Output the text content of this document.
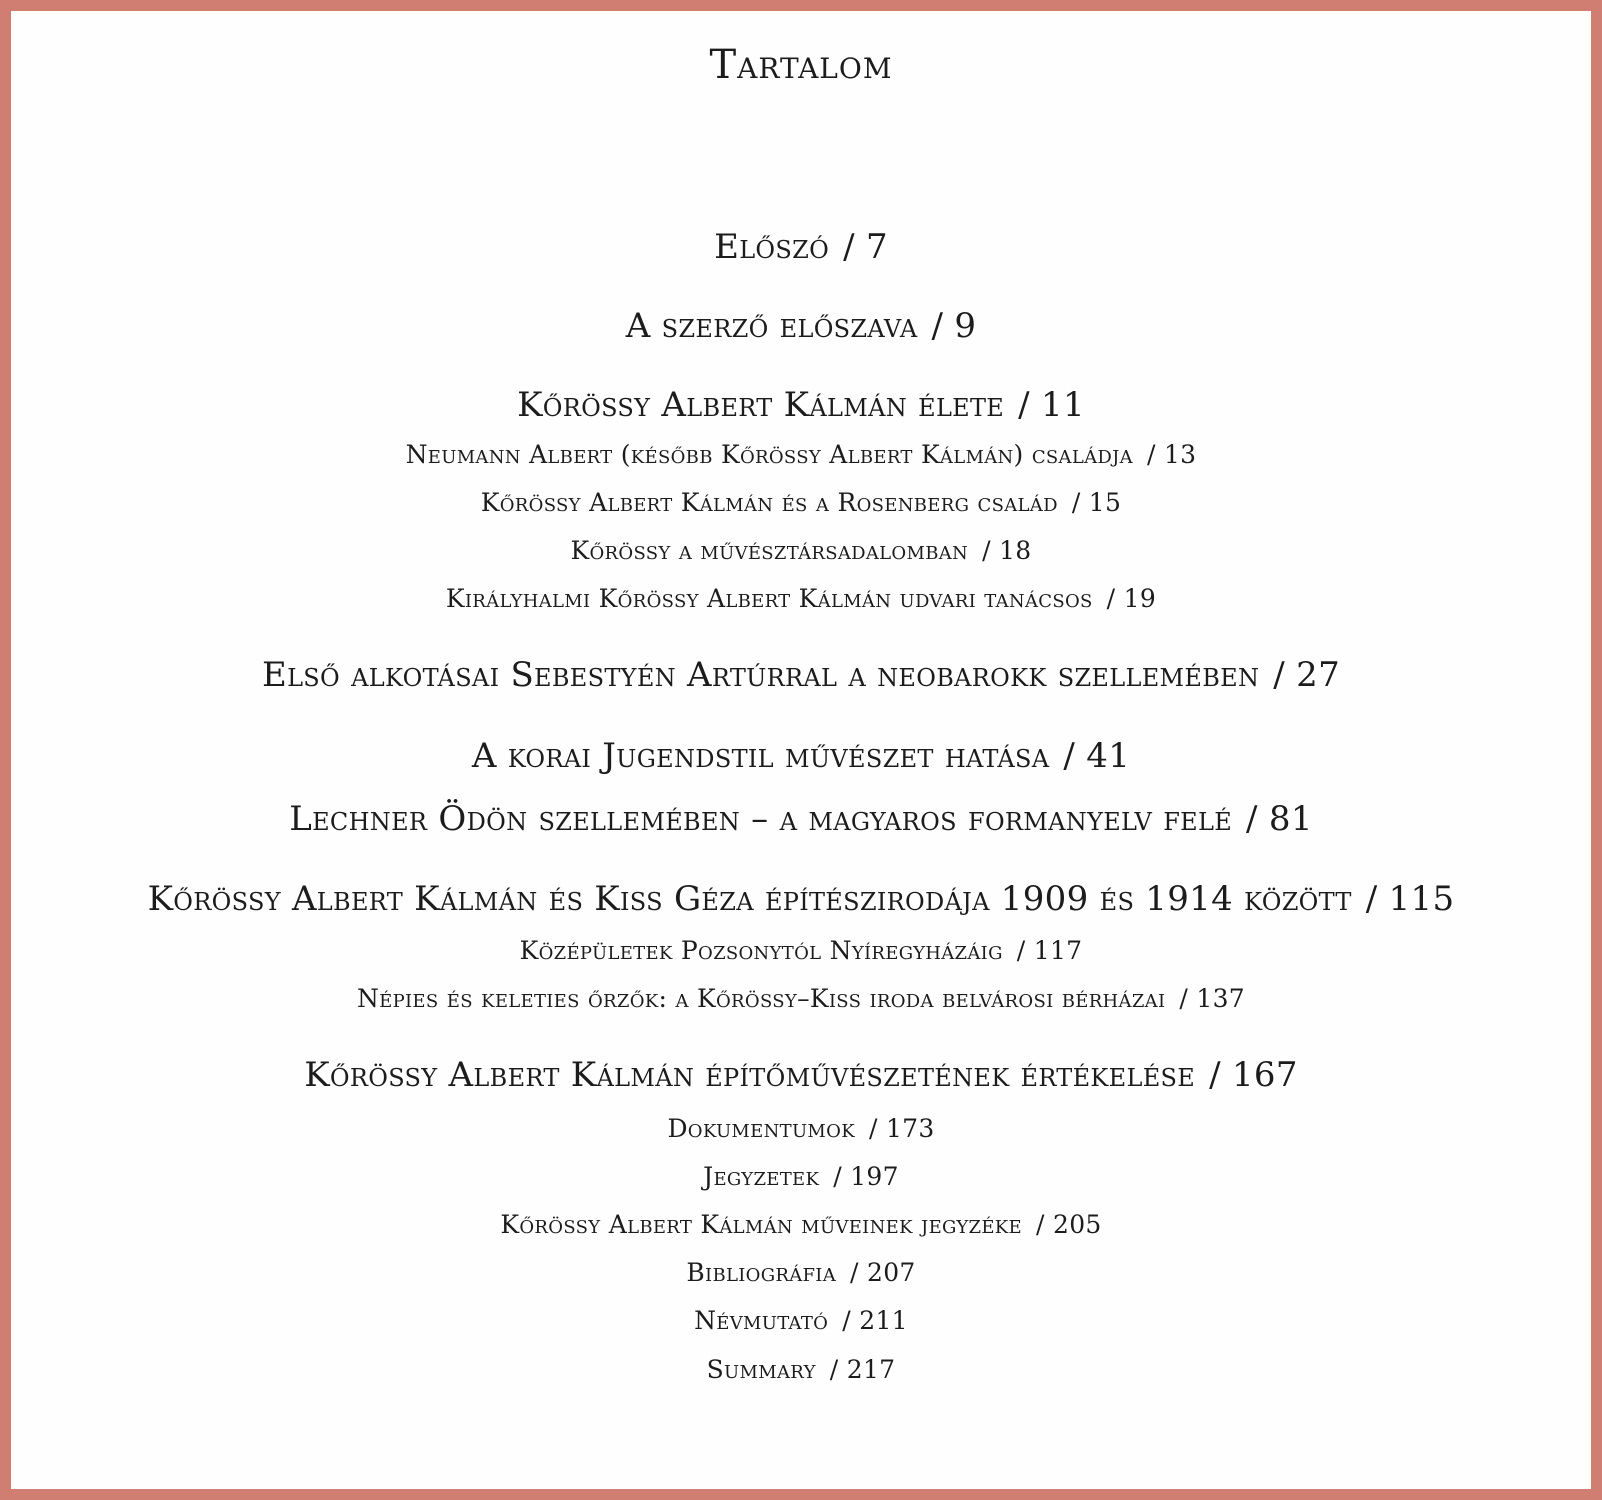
Tartalom
Előszó / 7
A szerző előszava / 9
Kőrössy Albert Kálmán élete / 11
Neumann Albert (később Kőrössy Albert Kálmán) családja / 13
Kőrössy Albert Kálmán és a Rosenberg család / 15
Kőrössy a művésztársadalomban / 18
Királyhalmi Kőrössy Albert Kálmán udvari tanácsos / 19
Első alkotásai Sebestyén Artúrral a neobarokk szellemében / 27
A korai Jugendstil művészet hatása / 41
Lechner Ödön szellemében – a magyaros formanyelv felé / 81
Kőrössy Albert Kálmán és Kiss Géza építészirodája 1909 és 1914 között / 115
Középületek Pozsonytól Nyíregyházáig / 117
Népies és keleties őrzők: a Kőrössy–Kiss iroda belvárosi bérházai / 137
Kőrössy Albert Kálmán építőművészetének értékelése / 167
Dokumentumok / 173
Jegyzetek / 197
Kőrössy Albert Kálmán műveinek jegyzéke / 205
Bibliográfia / 207
Névmutató / 211
Summary / 217
